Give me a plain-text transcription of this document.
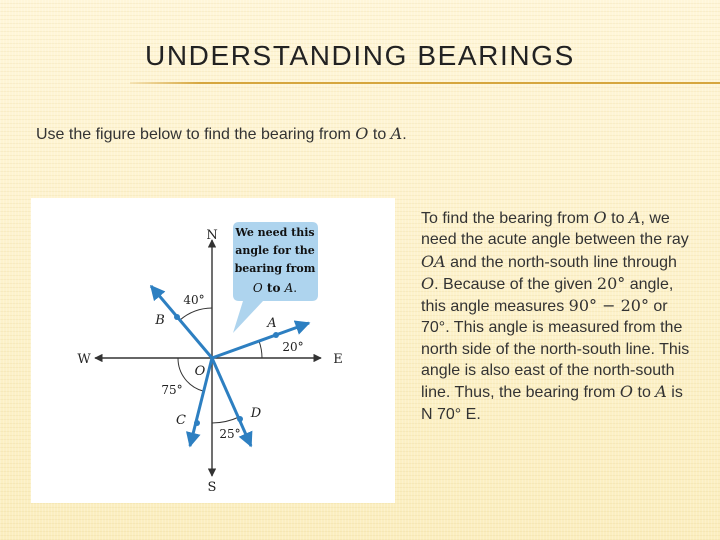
UNDERSTANDING BEARINGS
Use the figure below to find the bearing from O to A.
We need this
angle for the
bearing from
O to A.
N
S
E
W
O
A
B
C	D
20°
40°
75°
25°
To find the bearing from O to A, we need the acute angle between the ray OA and the north-south line through O. Because of the given 20° angle, this angle measures 90° − 20° or 70°. This angle is measured from the north side of the north-south line. This angle is also east of the north-south line. Thus, the bearing from O to A is N 70° E.
